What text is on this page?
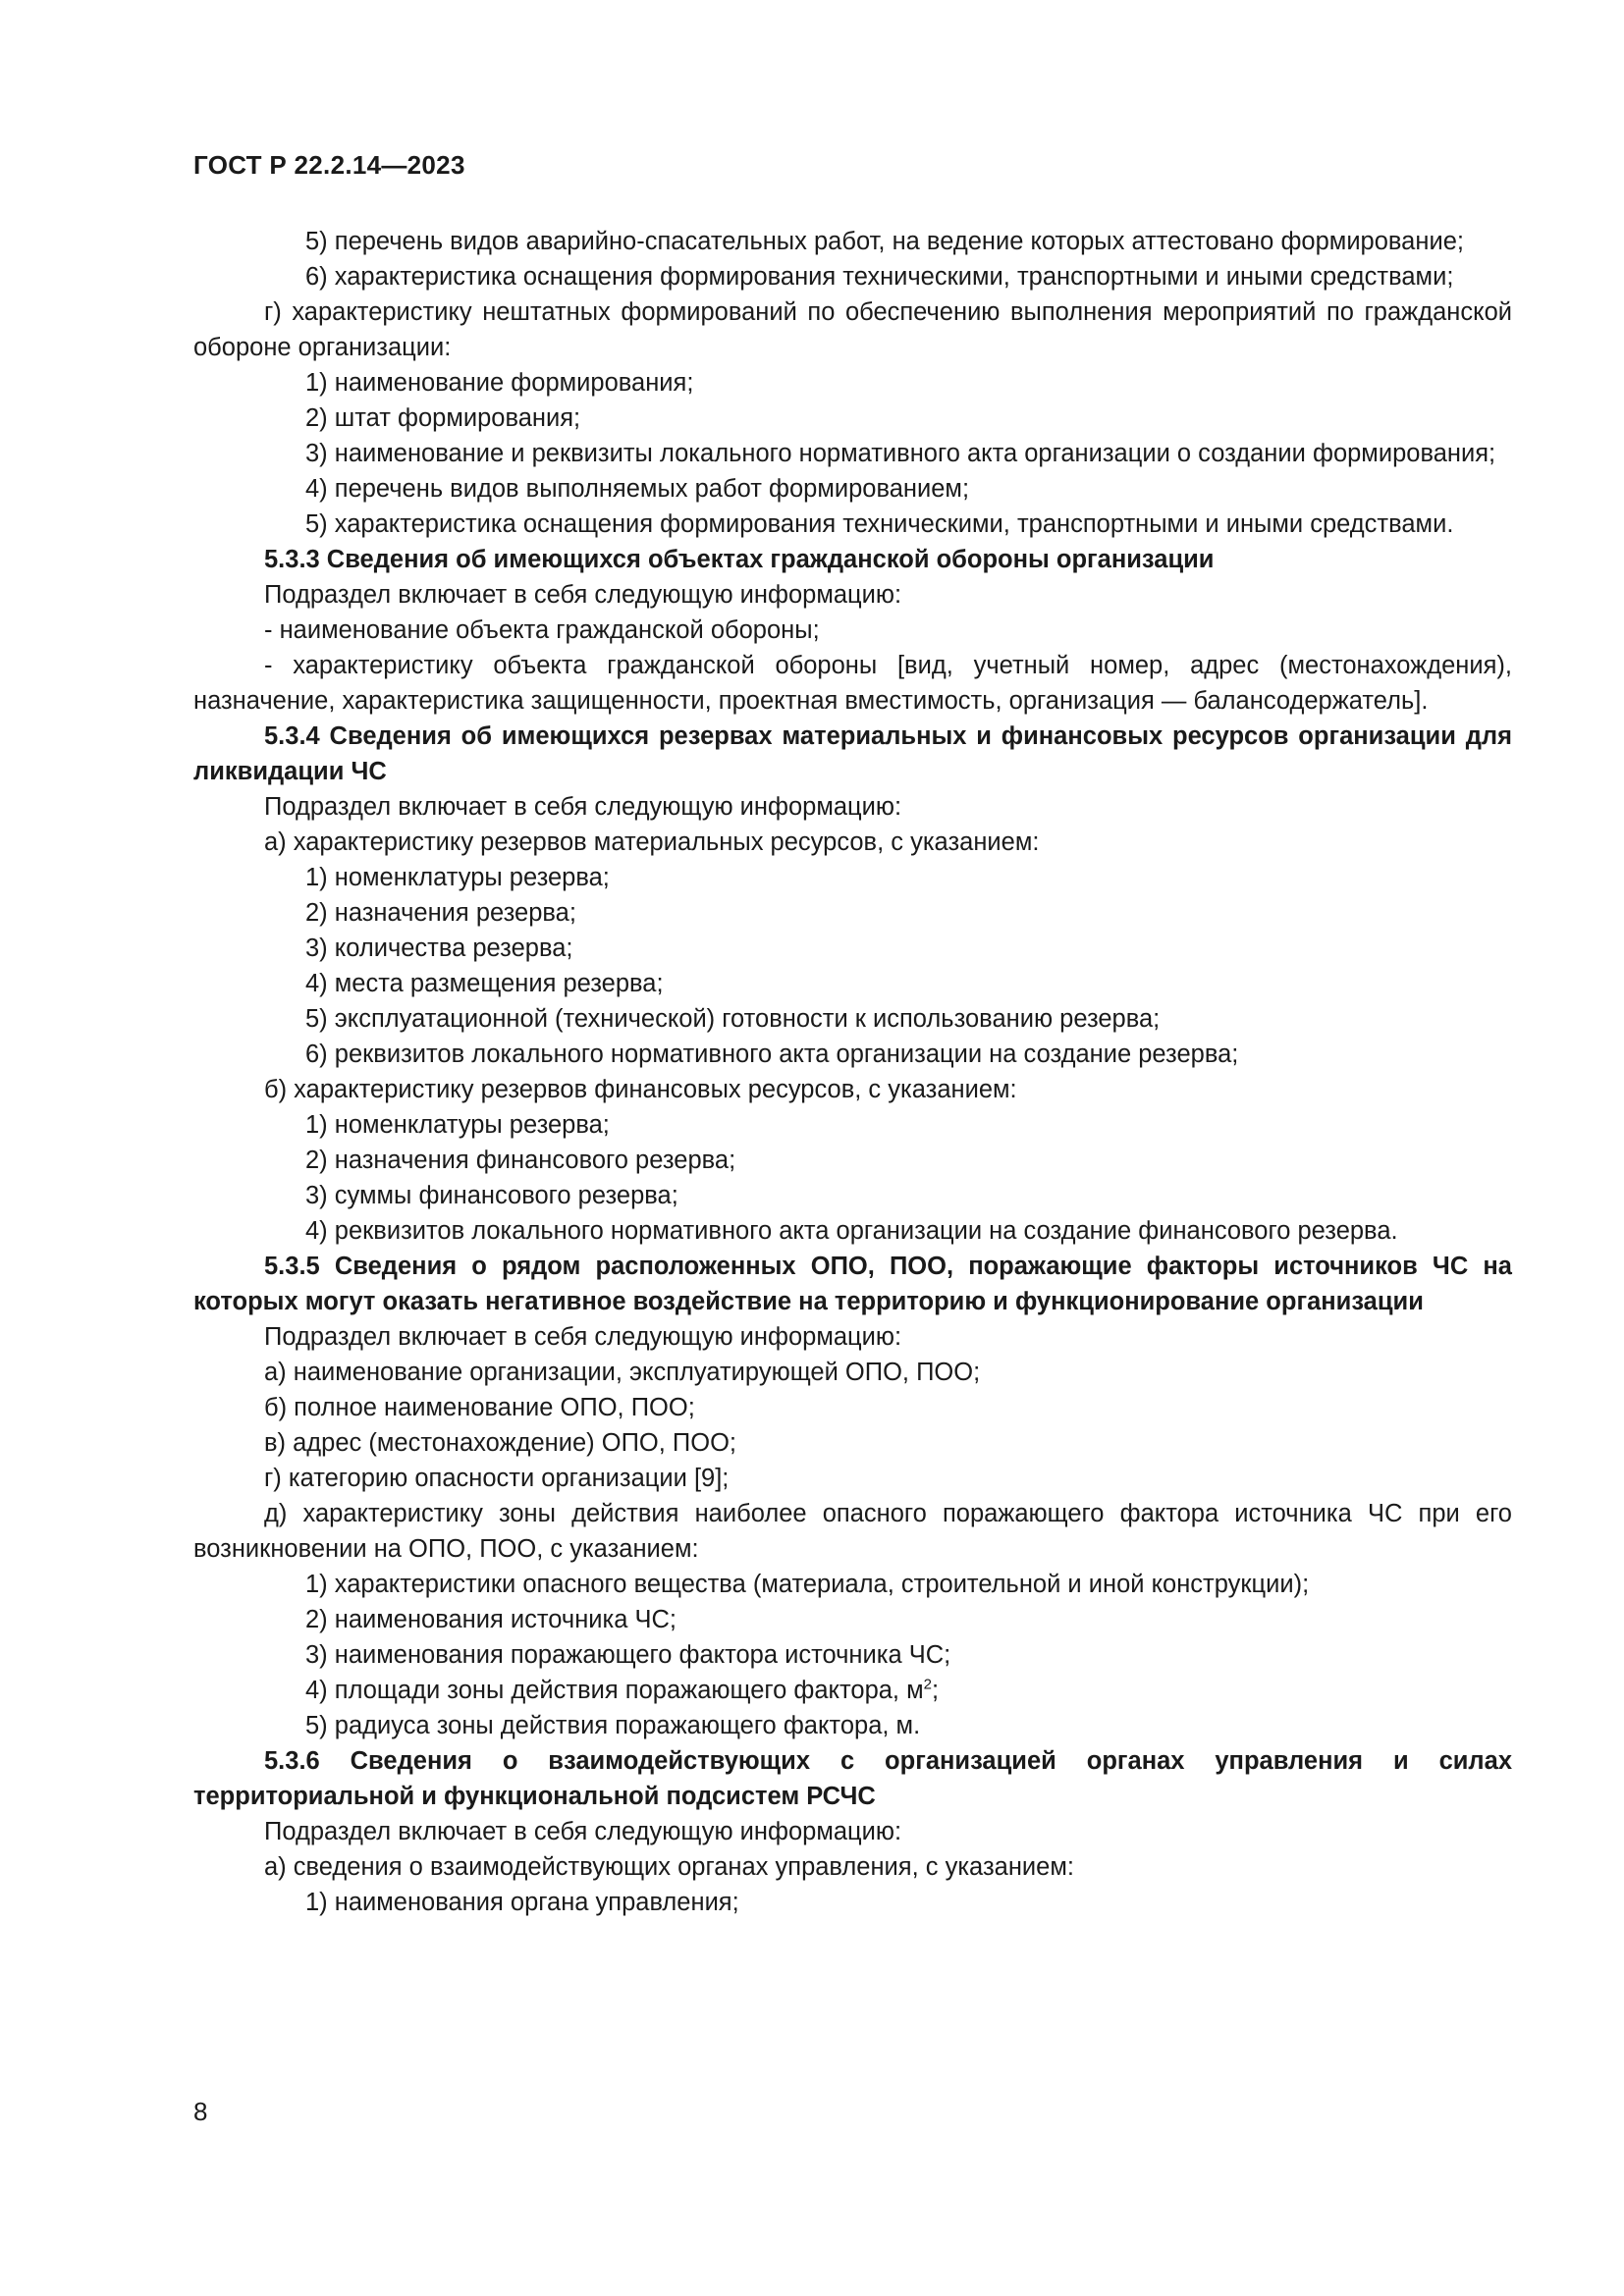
ГОСТ Р 22.2.14—2023

5) перечень видов аварийно-спасательных работ, на ведение которых аттестовано формирование;

6) характеристика оснащения формирования техническими, транспортными и иными средствами;

г) характеристику нештатных формирований по обеспечению выполнения мероприятий по гражданской обороне организации:

1) наименование формирования;

2) штат формирования;

3) наименование и реквизиты локального нормативного акта организации о создании формирования;

4) перечень видов выполняемых работ формированием;

5) характеристика оснащения формирования техническими, транспортными и иными средствами.

5.3.3 Сведения об имеющихся объектах гражданской обороны организации

Подраздел включает в себя следующую информацию:

- наименование объекта гражданской обороны;

- характеристику объекта гражданской обороны [вид, учетный номер, адрес (местонахождения), назначение, характеристика защищенности, проектная вместимость, организация — балансодержатель].

5.3.4 Сведения об имеющихся резервах материальных и финансовых ресурсов организации для ликвидации ЧС

Подраздел включает в себя следующую информацию:

а) характеристику резервов материальных ресурсов, с указанием:

1) номенклатуры резерва;

2) назначения резерва;

3) количества резерва;

4) места размещения резерва;

5) эксплуатационной (технической) готовности к использованию резерва;

6) реквизитов локального нормативного акта организации на создание резерва;

б) характеристику резервов финансовых ресурсов, с указанием:

1) номенклатуры резерва;

2) назначения финансового резерва;

3) суммы финансового резерва;

4) реквизитов локального нормативного акта организации на создание финансового резерва.

5.3.5 Сведения о рядом расположенных ОПО, ПОО, поражающие факторы источников ЧС на которых могут оказать негативное воздействие на территорию и функционирование организации

Подраздел включает в себя следующую информацию:

а) наименование организации, эксплуатирующей ОПО, ПОО;

б) полное наименование ОПО, ПОО;

в) адрес (местонахождение) ОПО, ПОО;

г) категорию опасности организации [9];

д) характеристику зоны действия наиболее опасного поражающего фактора источника ЧС при его возникновении на ОПО, ПОО, с указанием:

1) характеристики опасного вещества (материала, строительной и иной конструкции);

2) наименования источника ЧС;

3) наименования поражающего фактора источника ЧС;

4) площади зоны действия поражающего фактора, $м^2$;

5) радиуса зоны действия поражающего фактора, м.

5.3.6 Сведения о взаимодействующих с организацией органах управления и силах территориальной и функциональной подсистем РСЧС

Подраздел включает в себя следующую информацию:

а) сведения о взаимодействующих органах управления, с указанием:

1) наименования органа управления;

8
